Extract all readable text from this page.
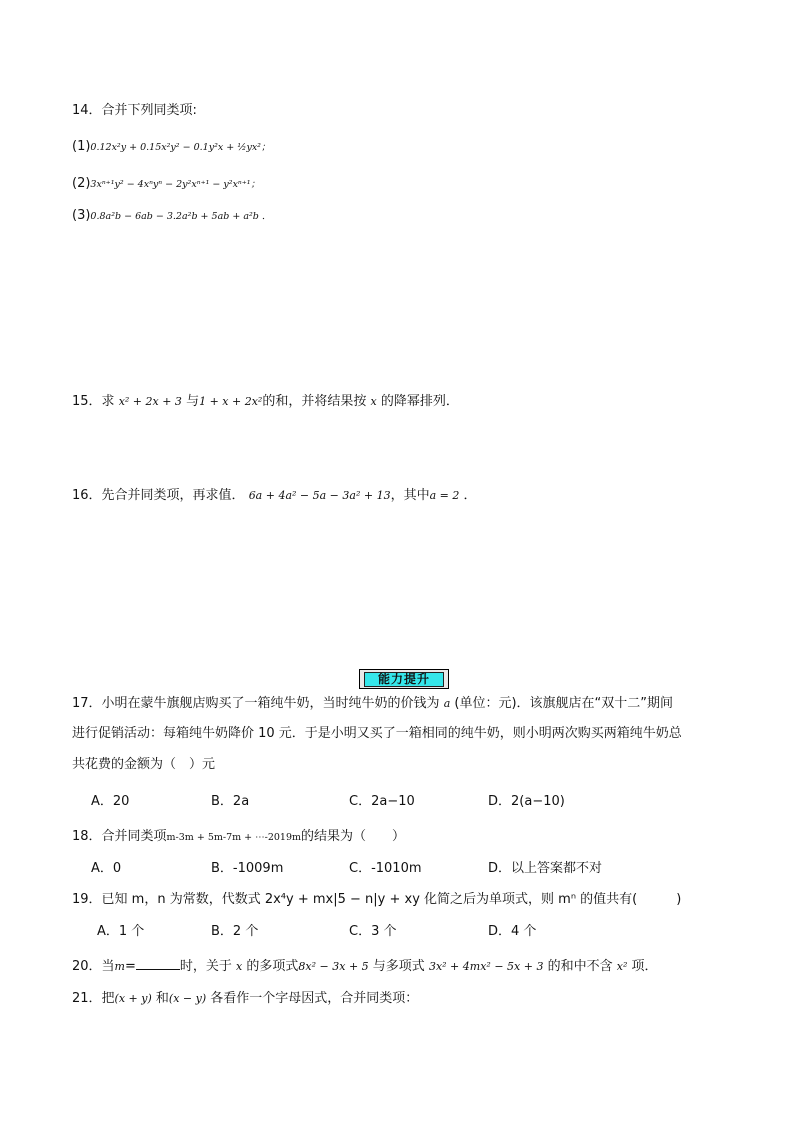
14．合并下列同类项:
(1)0.12x²y + 0.15x²y² − 0.1y²x + ½yx²；
(2)3xⁿ⁺¹y² − 4xⁿyⁿ − 2y²xⁿ⁺¹ − y²xⁿ⁺¹；
(3)0.8a²b − 6ab − 3.2a²b + 5ab + a²b ．
15．求 x² + 2x + 3 与1 + x + 2x²的和，并将结果按 x 的降幂排列．
16．先合并同类项，再求值． 6a + 4a² − 5a − 3a² + 13，其中a = 2 ．
能力提升
17．小明在蒙牛旗舰店购买了一箱纯牛奶，当时纯牛奶的价钱为 a (单位：元)．该旗舰店在“双十二”期间
进行促销活动：每箱纯牛奶降价 10 元．于是小明又买了一箱相同的纯牛奶，则小明两次购买两箱纯牛奶总
共花费的金额为（　）元
A．20	B．2a	C．2a−10	D．2(a−10)
18．合并同类项m-3m + 5m-7m + ⋯-2019m的结果为（　　）
A．0	B．-1009m	C．-1010m	D．以上答案都不对
19．已知 m，n 为常数，代数式 2x⁴y + mx|5 − n|y + xy 化简之后为单项式，则 mⁿ 的值共有(　　　)
A．1 个	B．2 个	C．3 个	D．4 个
20．当m=	时，关于 x 的多项式8x² − 3x + 5 与多项式 3x² + 4mx² − 5x + 3 的和中不含 x² 项．
21．把(x + y) 和(x − y) 各看作一个字母因式，合并同类项：
